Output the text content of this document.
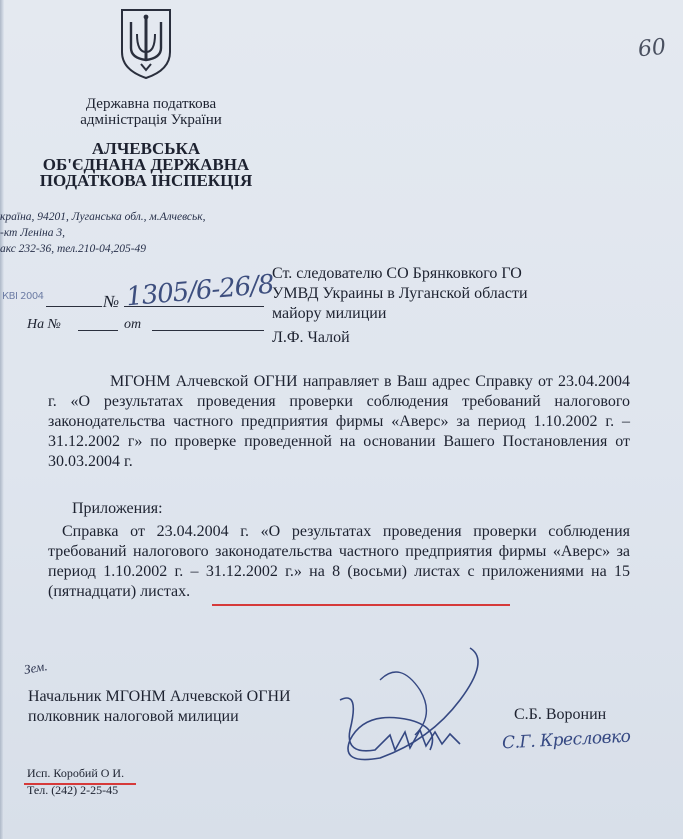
60
Державна податкова
адміністрація України
АЛЧЕВСЬКА
ОБ'ЄДНАНА ДЕРЖАВНА
ПОДАТКОВА ІНСПЕКЦІЯ
країна, 94201, Луганська обл., м.Алчевськ,
-кт Леніна 3,
акс 232-36, тел.210-04,205-49
КВІ 2004	№ 1305/6-26/8
На №	от
Ст. следователю СО Брянковкого ГО
УМВД Украины в Луганской области
майору милиции
Л.Ф. Чалой
МГОНМ Алчевской ОГНИ направляет в Ваш адрес Справку от 23.04.2004 г. «О результатах проведения проверки соблюдения требований налогового законодательства частного предприятия фирмы «Аверс» за период 1.10.2002 г. – 31.12.2002 г» по проверке проведенной на основании Вашего Постановления от 30.03.2004 г.
Приложения:
Справка от 23.04.2004 г. «О результатах проведения проверки соблюдения требований налогового законодательства частного предприятия фирмы «Аверс» за период 1.10.2002 г. – 31.12.2002 г.» на 8 (восьми) листах с приложениями на 15 (пятнадцати) листах.
Зем.
Начальник МГОНМ Алчевской ОГНИ
полковник налоговой милиции	С.Б. Воронин
С.Г. Кресловко
Исп. Коробий О И.
Тел. (242) 2-25-45
